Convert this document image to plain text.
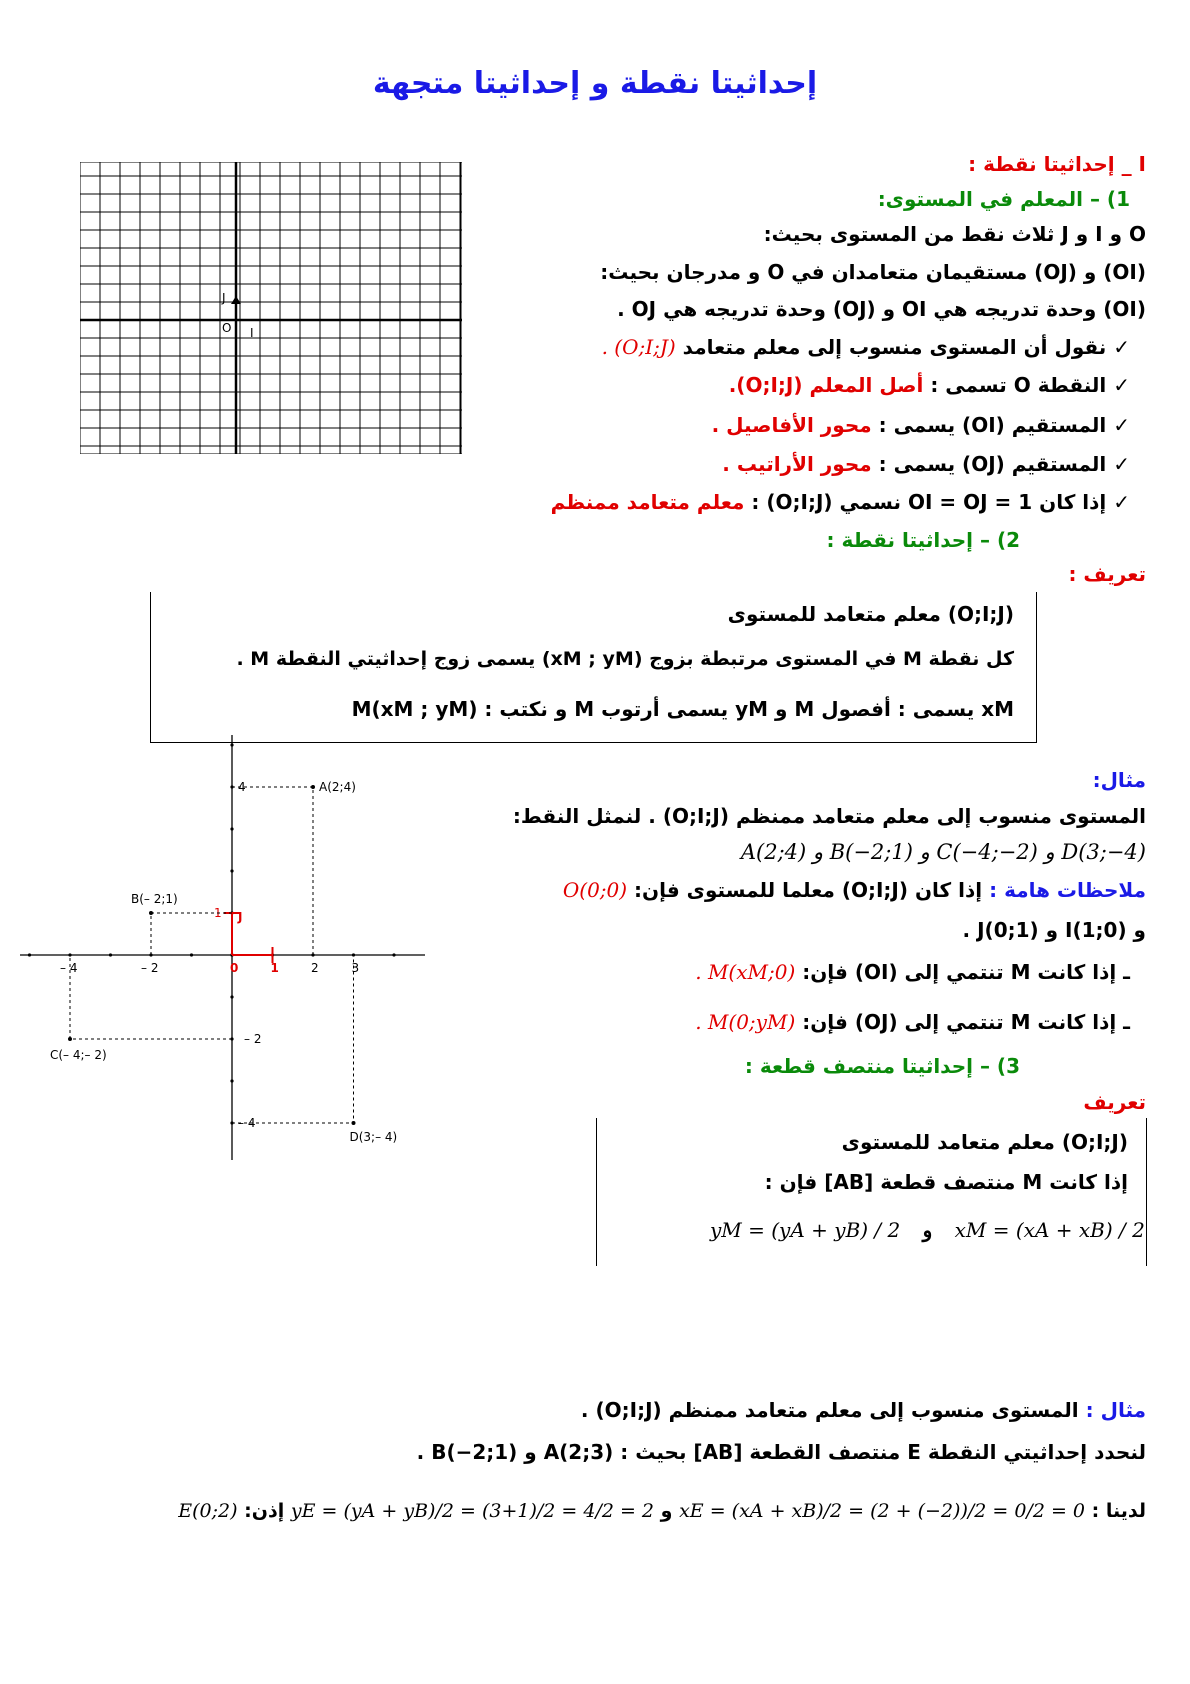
إحداثيتا نقطة و إحداثيتا متجهة
O I
J
I _ إحداثيتا نقطة :
1) – المعلم في المستوى:
O و I و J ثلاث نقط من المستوى بحيث:
(OI) و (OJ) مستقيمان متعامدان في O و مدرجان بحيث:
(OI) وحدة تدريجه هي OI و (OJ) وحدة تدريجه هي OJ .
✓ نقول أن المستوى منسوب إلى معلم متعامد (O;I;J) .
✓ النقطة O تسمى : أصل المعلم (O;I;J).
✓ المستقيم (OI) يسمى : محور الأفاصيل .
✓ المستقيم (OJ) يسمى : محور الأراتيب .
✓ إذا كان OI = OJ = 1 نسمي (O;I;J) : معلم متعامد ممنظم
2) – إحداثيتا نقطة :
تعريف :
(O;I;J) معلم متعامد للمستوى
كل نقطة M في المستوى مرتبطة بزوج (xM ; yM) يسمى زوج إحداثيتي النقطة M .
xM يسمى : أفصول M و yM يسمى أرتوب M و نكتب : M(xM ; yM)
مثال:
المستوى منسوب إلى معلم متعامد ممنظم (O;I;J) . لنمثل النقط:
D(3;−4) و C(−4;−2) و B(−2;1) و A(2;4)
ملاحظات هامة : إذا كان (O;I;J) معلما للمستوى فإن: O(0;0)
و I(1;0) و J(0;1) .
ـ إذا كانت M تنتمي إلى (OI) فإن: M(xM;0) .
ـ إذا كانت M تنتمي إلى (OJ) فإن: M(0;yM) .
– 4	– 2	0	1	2	3
4
1
– 2
– 4
J
A(2;4)
B(– 2;1)
C(– 4;– 2)
D(3;– 4)
3) – إحداثيتا منتصف قطعة :
تعريف
(O;I;J) معلم متعامد للمستوى
إذا كانت M منتصف قطعة [AB] فإن :
yM = (yA + yB) / 2 و xM = (xA + xB) / 2
مثال : المستوى منسوب إلى معلم متعامد ممنظم (O;I;J) .
لنحدد إحداثيتي النقطة E منتصف القطعة [AB] بحيث : A(2;3) و B(−2;1) .
لدينا : xE = (xA + xB)/2 = (2 + (−2))/2 = 0/2 = 0 و yE = (yA + yB)/2 = (3+1)/2 = 4/2 = 2 إذن: E(0;2)
